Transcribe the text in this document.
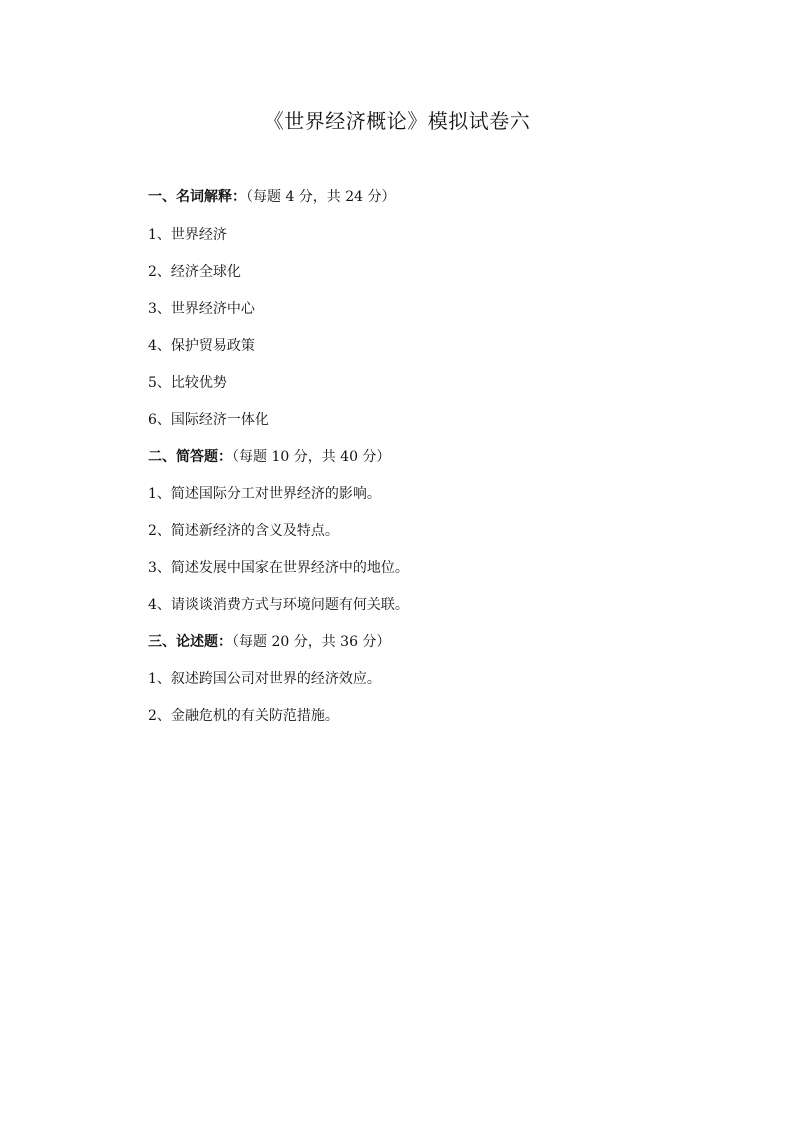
《世界经济概论》模拟试卷六
一、名词解释：（每题 4 分，共 24 分）
1、世界经济
2、经济全球化
3、世界经济中心
4、保护贸易政策
5、比较优势
6、国际经济一体化
二、简答题：（每题 10 分，共 40 分）
1、简述国际分工对世界经济的影响。
2、简述新经济的含义及特点。
3、简述发展中国家在世界经济中的地位。
4、请谈谈消费方式与环境问题有何关联。
三、论述题：（每题 20 分，共 36 分）
1、叙述跨国公司对世界的经济效应。
2、金融危机的有关防范措施。
